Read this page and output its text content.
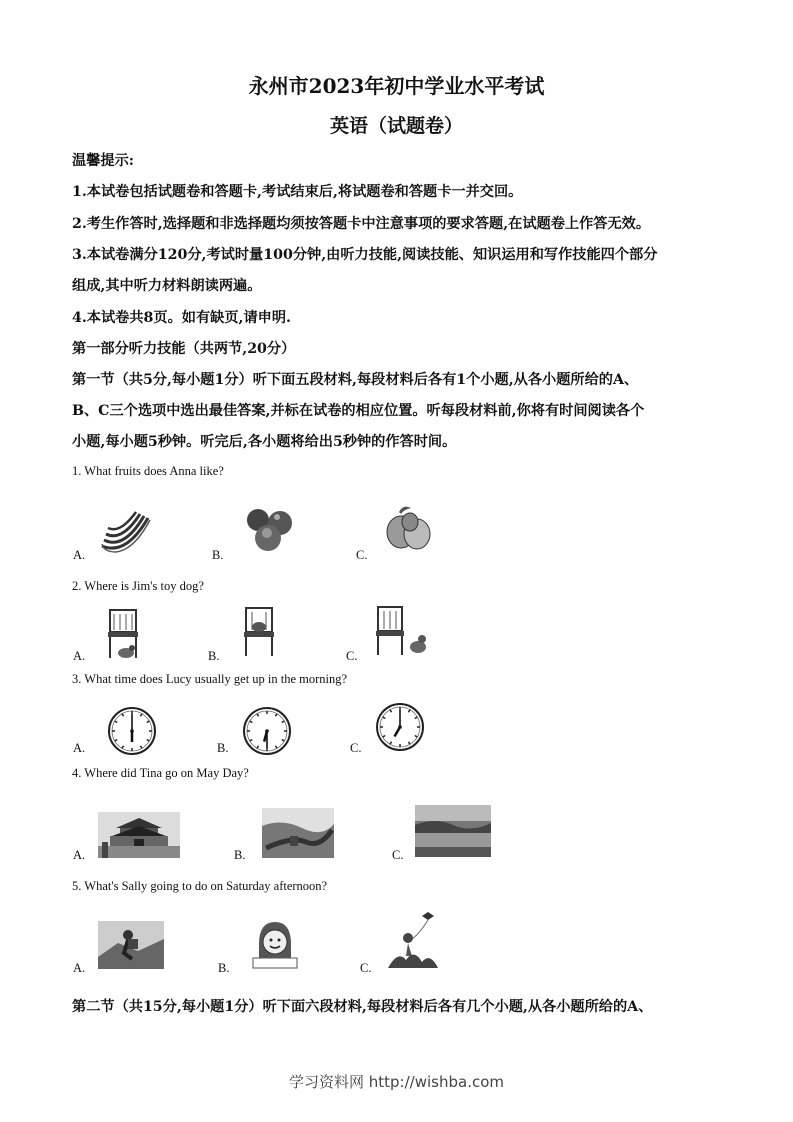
永州市2023年初中学业水平考试
英语（试题卷）
温馨提示:
1.本试卷包括试题卷和答题卡,考试结束后,将试题卷和答题卡一并交回。
2.考生作答时,选择题和非选择题均须按答题卡中注意事项的要求答题,在试题卷上作答无效。
3.本试卷满分120分,考试时量100分钟,由听力技能,阅读技能、知识运用和写作技能四个部分
组成,其中听力材料朗读两遍。
4.本试卷共8页。如有缺页,请申明.
第一部分听力技能（共两节,20分）
第一节（共5分,每小题1分）听下面五段材料,每段材料后各有1个小题,从各小题所给的A、
B、C三个选项中选出最佳答案,并标在试卷的相应位置。听每段材料前,你将有时间阅读各个
小题,每小题5秒钟。听完后,各小题将给出5秒钟的作答时间。
1. What fruits does Anna like?
A.	B.	C.
2. Where is Jim's toy dog?
A.	B.	C.
3. What time does Lucy usually get up in the morning?
A.	B.	C.
4. Where did Tina go on May Day?
A.	B.	C.
5. What's Sally going to do on Saturday afternoon?
A.	B.	C.
第二节（共15分,每小题1分）听下面六段材料,每段材料后各有几个小题,从各小题所给的A、
学习资料网 http://wishba.com
